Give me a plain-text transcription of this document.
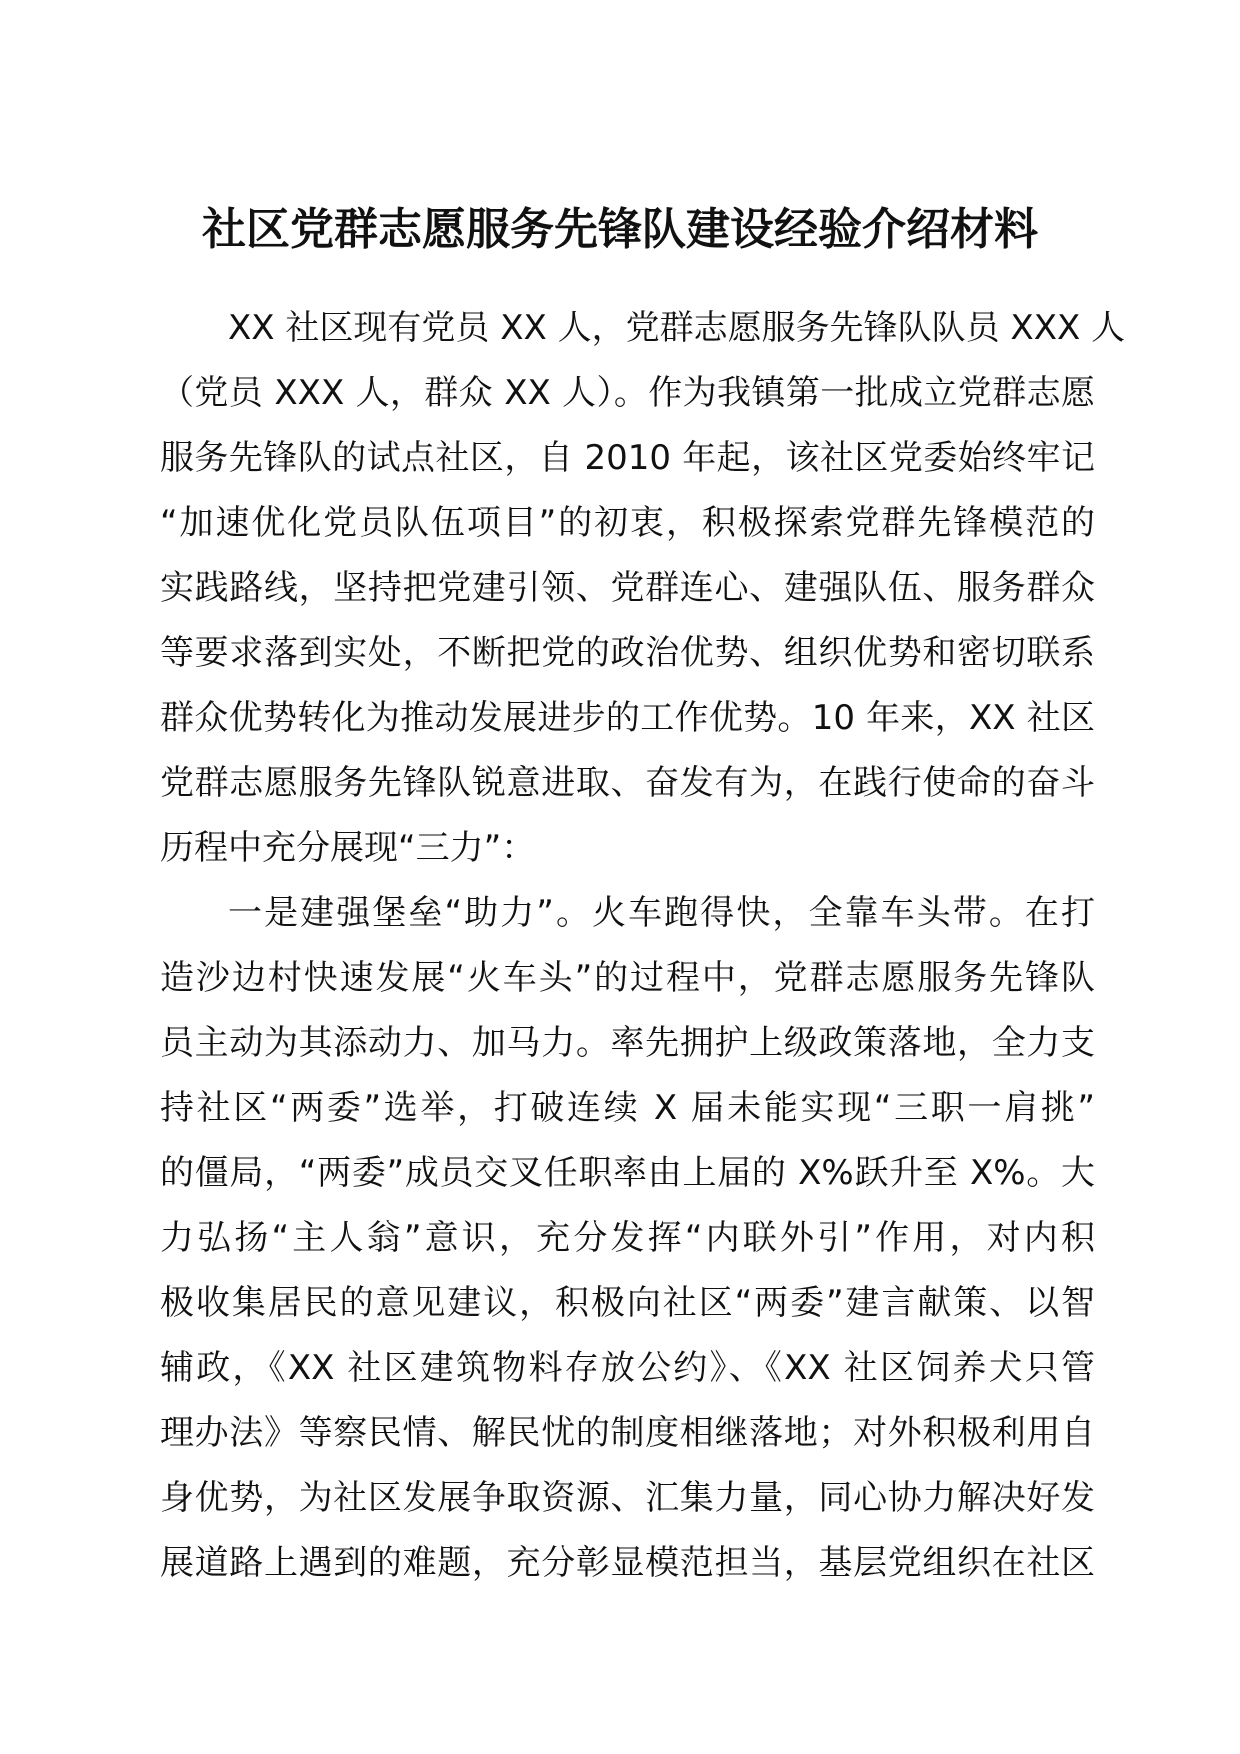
社区党群志愿服务先锋队建设经验介绍材料
XX 社区现有党员 XX 人，党群志愿服务先锋队队员 XXX 人
（党员 XXX 人，群众 XX 人）。作为我镇第一批成立党群志愿
服务先锋队的试点社区，自 2010 年起，该社区党委始终牢记
“加速优化党员队伍项目”的初衷，积极探索党群先锋模范的
实践路线，坚持把党建引领、党群连心、建强队伍、服务群众
等要求落到实处，不断把党的政治优势、组织优势和密切联系
群众优势转化为推动发展进步的工作优势。10 年来，XX 社区
党群志愿服务先锋队锐意进取、奋发有为，在践行使命的奋斗
历程中充分展现“三力”：
一是建强堡垒“助力”。火车跑得快，全靠车头带。在打
造沙边村快速发展“火车头”的过程中，党群志愿服务先锋队
员主动为其添动力、加马力。率先拥护上级政策落地，全力支
持社区“两委”选举，打破连续 X 届未能实现“三职一肩挑”
的僵局，“两委”成员交叉任职率由上届的 X%跃升至 X%。大
力弘扬“主人翁”意识，充分发挥“内联外引”作用，对内积
极收集居民的意见建议，积极向社区“两委”建言献策、以智
辅政，《XX 社区建筑物料存放公约》、《XX 社区饲养犬只管
理办法》等察民情、解民忧的制度相继落地；对外积极利用自
身优势，为社区发展争取资源、汇集力量，同心协力解决好发
展道路上遇到的难题，充分彰显模范担当，基层党组织在社区
